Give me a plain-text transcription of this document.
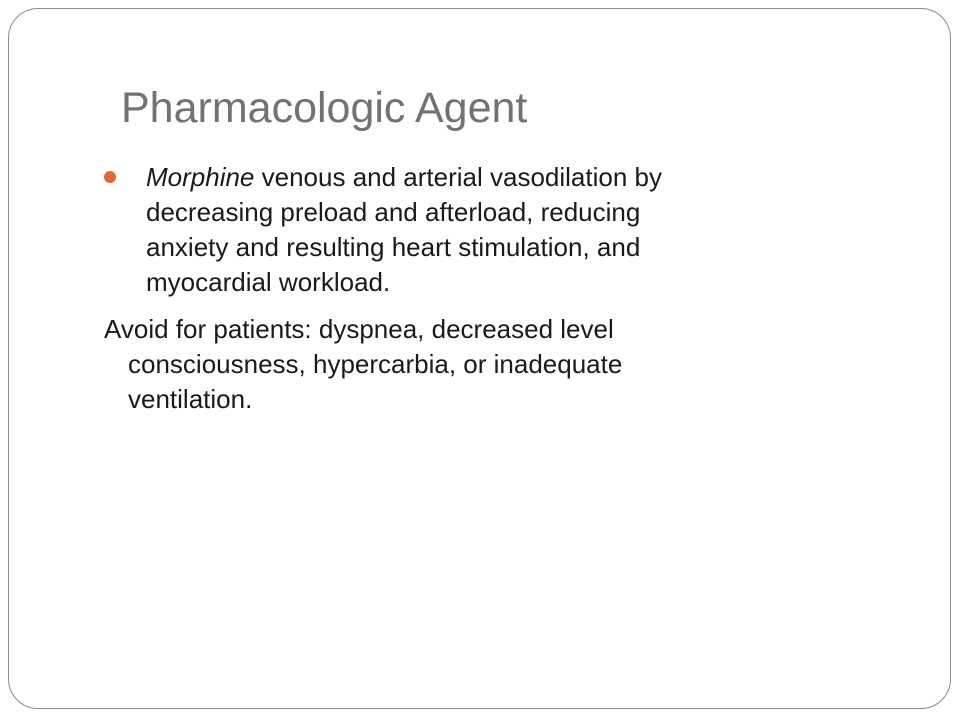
Pharmacologic Agent

Morphine venous and arterial vasodilation by
decreasing preload and afterload, reducing
anxiety and resulting heart stimulation, and
myocardial workload.

Avoid for patients: dyspnea, decreased level
consciousness, hypercarbia, or inadequate
ventilation.
